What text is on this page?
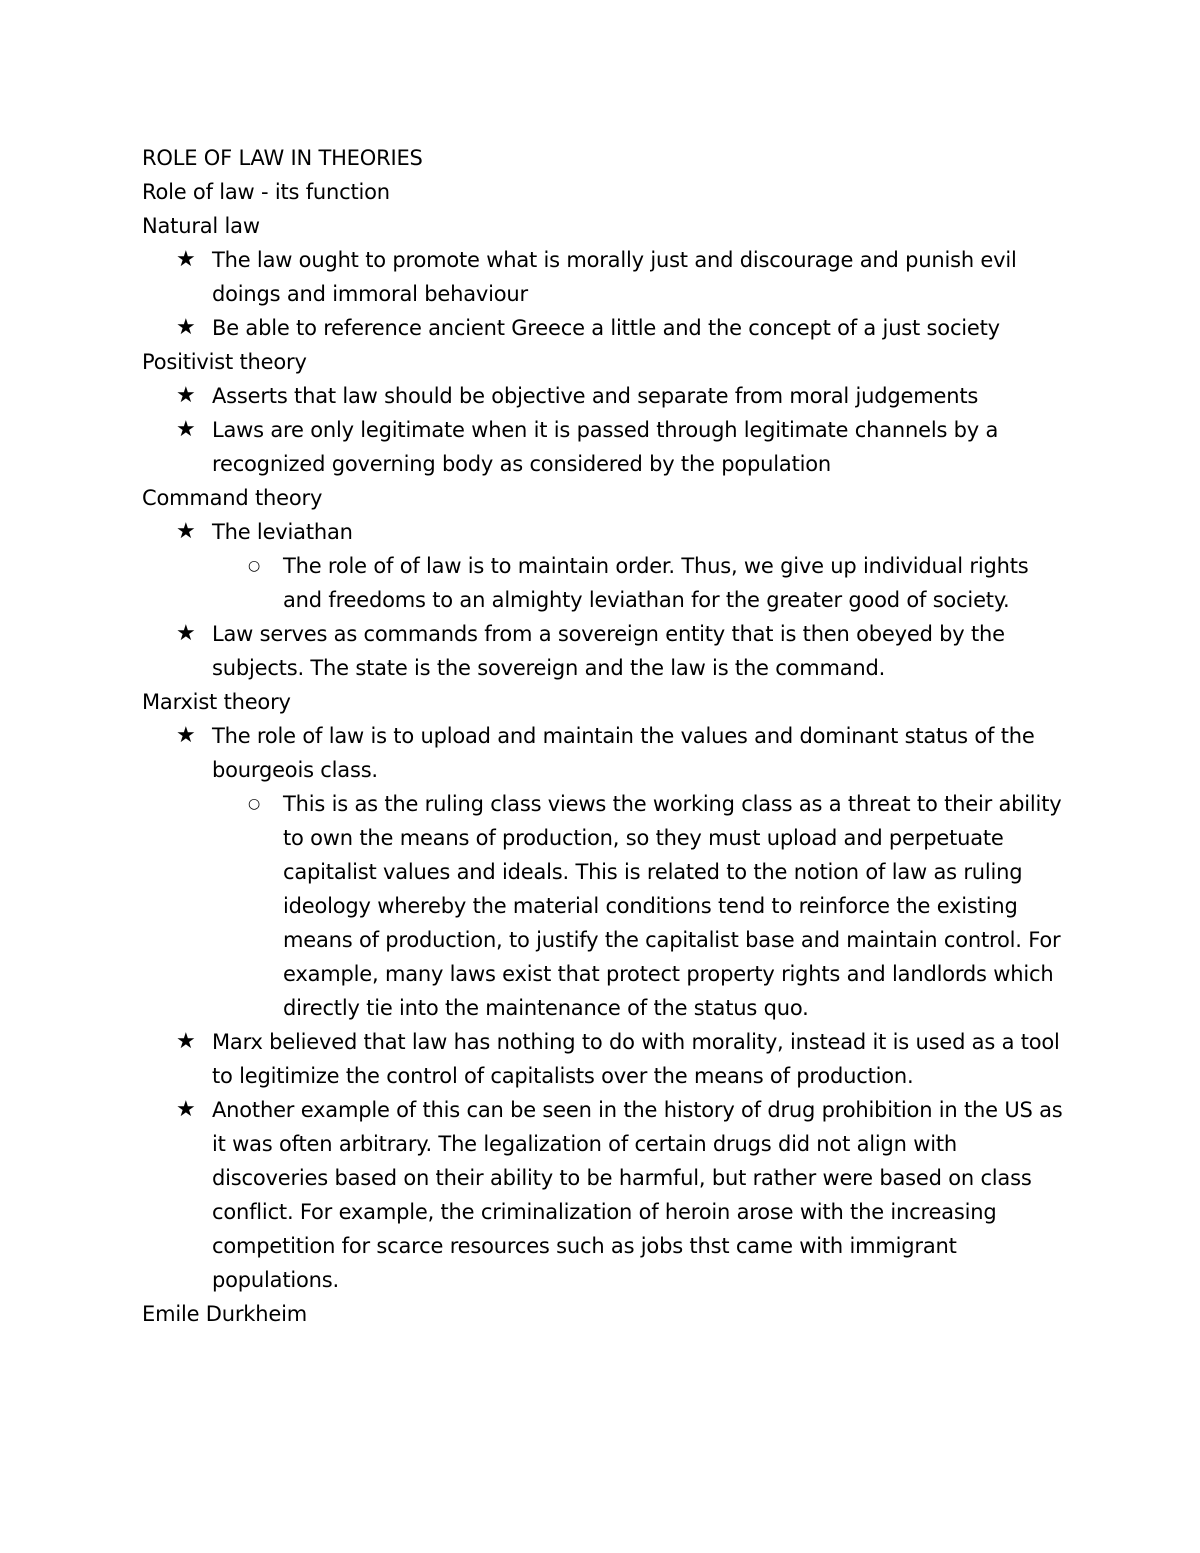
ROLE OF LAW IN THEORIES

Role of law - its function

Natural law

★ The law ought to promote what is morally just and discourage and punish evil doings and immoral behaviour
★ Be able to reference ancient Greece a little and the concept of a just society

Positivist theory

★ Asserts that law should be objective and separate from moral judgements
★ Laws are only legitimate when it is passed through legitimate channels by a recognized governing body as considered by the population

Command theory

★ The leviathan
○ The role of of law is to maintain order. Thus, we give up individual rights and freedoms to an almighty leviathan for the greater good of society.
★ Law serves as commands from a sovereign entity that is then obeyed by the subjects. The state is the sovereign and the law is the command.

Marxist theory

★ The role of law is to upload and maintain the values and dominant status of the bourgeois class.
○ This is as the ruling class views the working class as a threat to their ability to own the means of production, so they must upload and perpetuate capitalist values and ideals. This is related to the notion of law as ruling ideology whereby the material conditions tend to reinforce the existing means of production, to justify the capitalist base and maintain control. For example, many laws exist that protect property rights and landlords which directly tie into the maintenance of the status quo.
★ Marx believed that law has nothing to do with morality, instead it is used as a tool to legitimize the control of capitalists over the means of production.
★ Another example of this can be seen in the history of drug prohibition in the US as it was often arbitrary. The legalization of certain drugs did not align with discoveries based on their ability to be harmful, but rather were based on class conflict. For example, the criminalization of heroin arose with the increasing competition for scarce resources such as jobs thst came with immigrant populations.

Emile Durkheim
